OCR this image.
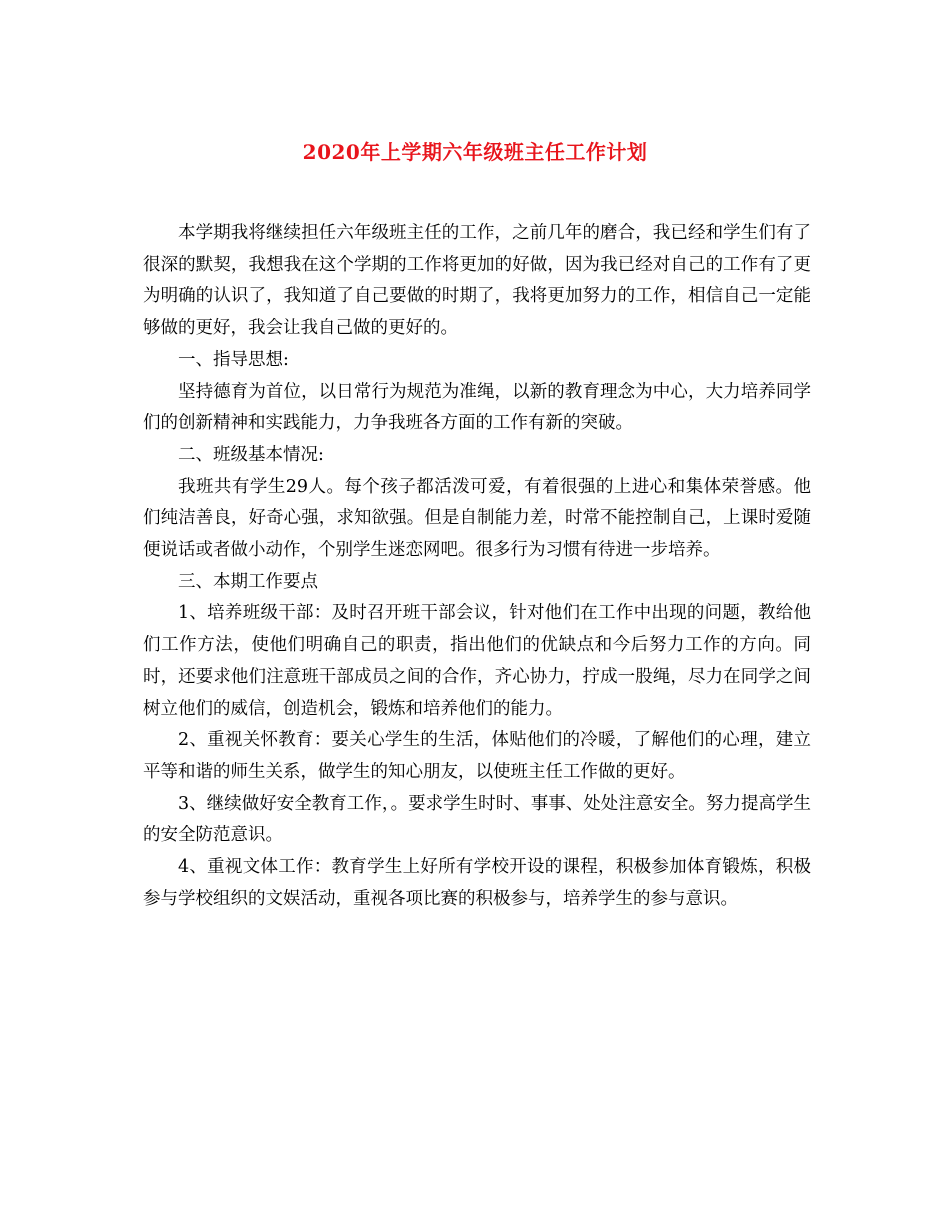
2020年上学期六年级班主任工作计划

本学期我将继续担任六年级班主任的工作，之前几年的磨合，我已经和学生们有了很深的默契，我想我在这个学期的工作将更加的好做，因为我已经对自己的工作有了更为明确的认识了，我知道了自己要做的时期了，我将更加努力的工作，相信自己一定能够做的更好，我会让我自己做的更好的。

一、指导思想:

坚持德育为首位，以日常行为规范为准绳，以新的教育理念为中心，大力培养同学们的创新精神和实践能力，力争我班各方面的工作有新的突破。

二、班级基本情况:

我班共有学生29人。每个孩子都活泼可爱，有着很强的上进心和集体荣誉感。他们纯洁善良，好奇心强，求知欲强。但是自制能力差，时常不能控制自己，上课时爱随便说话或者做小动作，个别学生迷恋网吧。很多行为习惯有待进一步培养。

三、本期工作要点

1、培养班级干部：及时召开班干部会议，针对他们在工作中出现的问题，教给他们工作方法，使他们明确自己的职责，指出他们的优缺点和今后努力工作的方向。同时，还要求他们注意班干部成员之间的合作，齐心协力，拧成一股绳，尽力在同学之间树立他们的威信，创造机会，锻炼和培养他们的能力。

2、重视关怀教育：要关心学生的生活，体贴他们的冷暖，了解他们的心理，建立平等和谐的师生关系，做学生的知心朋友，以使班主任工作做的更好。

3、继续做好安全教育工作，。要求学生时时、事事、处处注意安全。努力提高学生的安全防范意识。

4、重视文体工作：教育学生上好所有学校开设的课程，积极参加体育锻炼，积极参与学校组织的文娱活动，重视各项比赛的积极参与，培养学生的参与意识。
